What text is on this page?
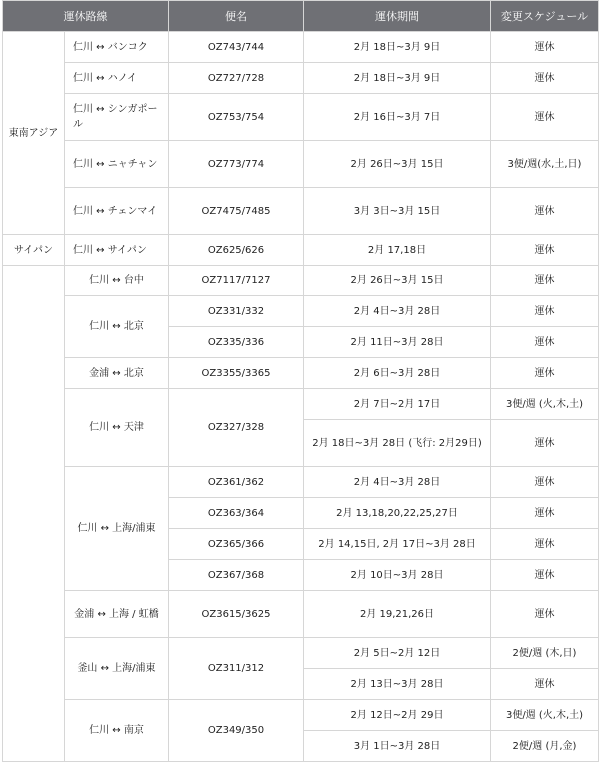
運休路線		便名	運休期間	変更スケジュール
東南アジア	仁川 ↔ バンコク	OZ743/744	2月 18日~3月 9日	運休
	仁川 ↔ ハノイ	OZ727/728	2月 18日~3月 9日	運休
	仁川 ↔ シンガポール	OZ753/754	2月 16日~3月 7日	運休
	仁川 ↔ ニャチャン	OZ773/774	2月 26日~3月 15日	3便/週(水,土,日)
	仁川 ↔ チェンマイ	OZ7475/7485	3月 3日~3月 15日	運休
サイパン	仁川 ↔ サイパン	OZ625/626	2月 17,18日	運休
	仁川 ↔ 台中	OZ7117/7127	2月 26日~3月 15日	運休
	仁川 ↔ 北京	OZ331/332	2月 4日~3月 28日	運休
		OZ335/336	2月 11日~3月 28日	運休
	金浦 ↔ 北京	OZ3355/3365	2月 6日~3月 28日	運休
	仁川 ↔ 天津	OZ327/328	2月 7日~2月 17日	3便/週 (火,木,土)
			2月 18日~3月 28日 (飞行: 2月29日)	運休
	仁川 ↔ 上海/浦東	OZ361/362	2月 4日~3月 28日	運休
		OZ363/364	2月 13,18,20,22,25,27日	運休
		OZ365/366	2月 14,15日, 2月 17日~3月 28日	運休
		OZ367/368	2月 10日~3月 28日	運休
	金浦 ↔ 上海 / 虹橋	OZ3615/3625	2月 19,21,26日	運休
	釜山 ↔ 上海/浦東	OZ311/312	2月 5日~2月 12日	2便/週 (木,日)
			2月 13日~3月 28日	運休
	仁川 ↔ 南京	OZ349/350	2月 12日~2月 29日	3便/週 (火,木,土)
			3月 1日~3月 28日	2便/週 (月,金)
